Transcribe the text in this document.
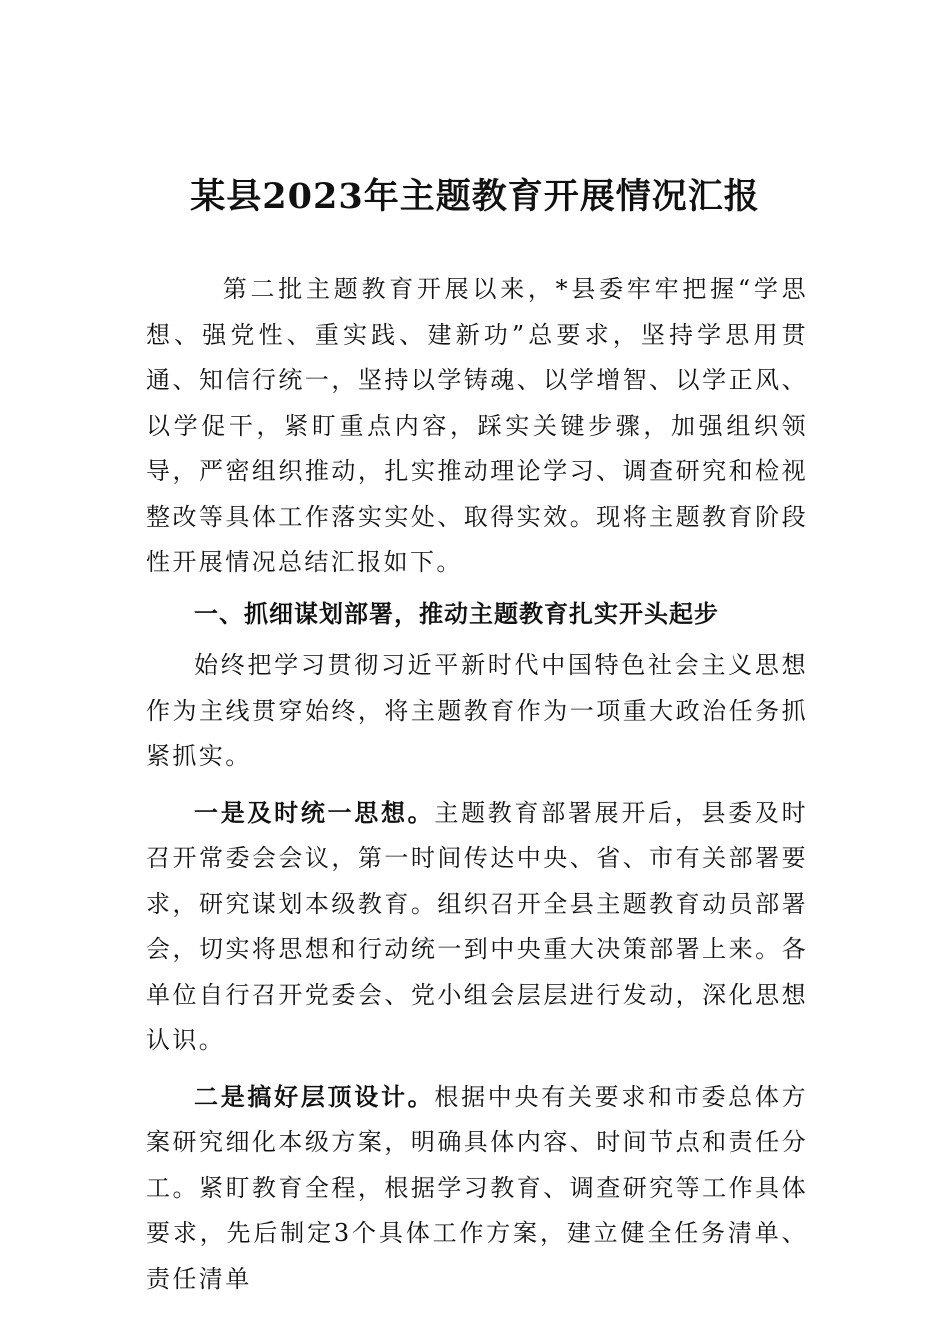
某县2023年主题教育开展情况汇报

第二批主题教育开展以来，*县委牢牢把握“学思想、强党性、重实践、建新功”总要求，坚持学思用贯通、知信行统一，坚持以学铸魂、以学增智、以学正风、以学促干，紧盯重点内容，踩实关键步骤，加强组织领导，严密组织推动，扎实推动理论学习、调查研究和检视整改等具体工作落实实处、取得实效。现将主题教育阶段性开展情况总结汇报如下。

一、抓细谋划部署，推动主题教育扎实开头起步

始终把学习贯彻习近平新时代中国特色社会主义思想作为主线贯穿始终，将主题教育作为一项重大政治任务抓紧抓实。

一是及时统一思想。主题教育部署展开后，县委及时召开常委会会议，第一时间传达中央、省、市有关部署要求，研究谋划本级教育。组织召开全县主题教育动员部署会，切实将思想和行动统一到中央重大决策部署上来。各单位自行召开党委会、党小组会层层进行发动，深化思想认识。

二是搞好层顶设计。根据中央有关要求和市委总体方案研究细化本级方案，明确具体内容、时间节点和责任分工。紧盯教育全程，根据学习教育、调查研究等工作具体要求，先后制定3个具体工作方案，建立健全任务清单、责任清单
